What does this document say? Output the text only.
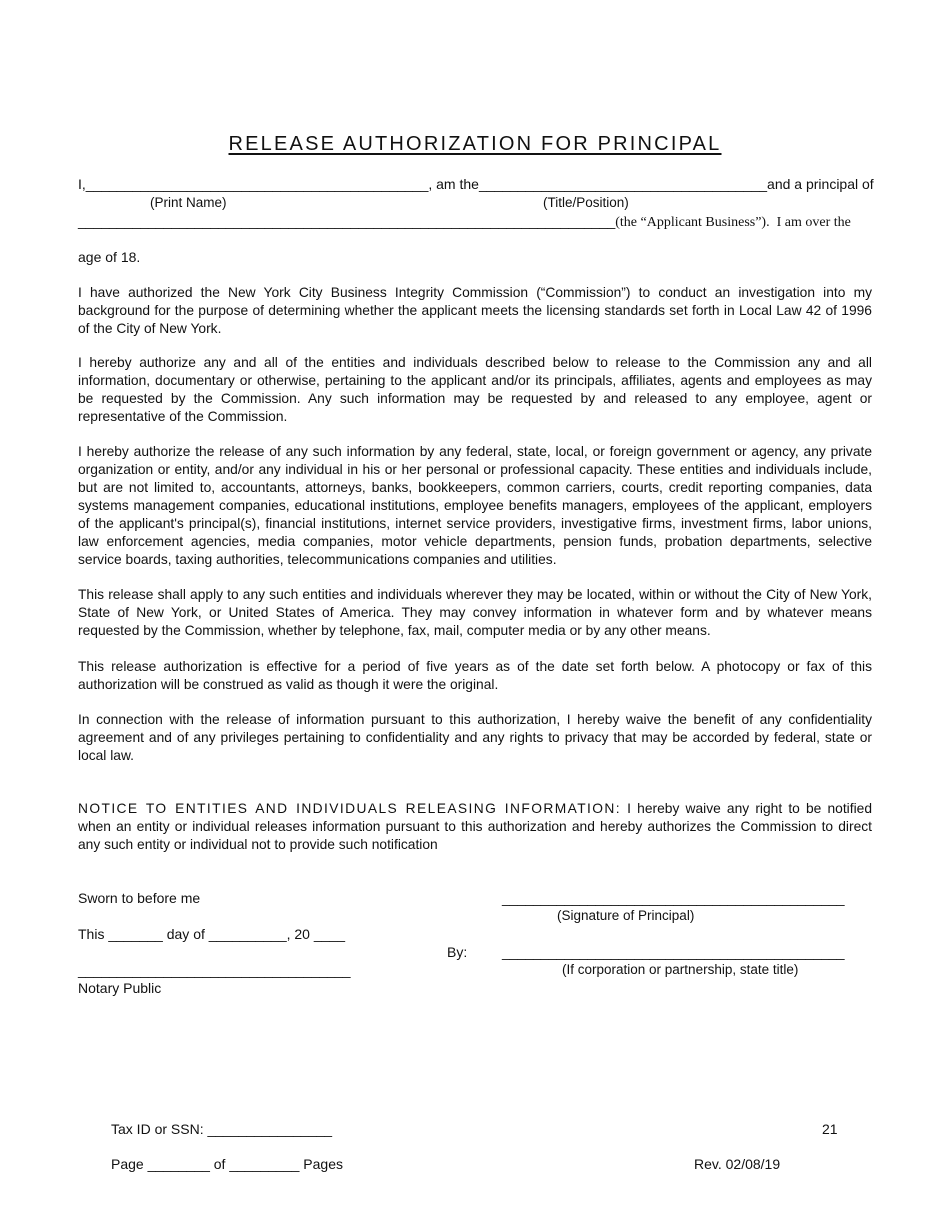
RELEASE AUTHORIZATION FOR PRINCIPAL
I,____________________________________________, am the_____________________________________and a principal of
(Print Name)	(Title/Position)
_____________________________________________________________________(the “Applicant Business”).  I am over the
age of 18.
I have authorized the New York City Business Integrity Commission (“Commission”) to conduct an investigation into my background for the purpose of determining whether the applicant meets the licensing standards set forth in Local Law 42 of 1996 of the City of New York.
I hereby authorize any and all of the entities and individuals described below to release to the Commission any and all information, documentary or otherwise, pertaining to the applicant and/or its principals, affiliates, agents and employees as may be requested by the Commission. Any such information may be requested by and released to any employee, agent or representative of the Commission.
I hereby authorize the release of any such information by any federal, state, local, or foreign government or agency, any private organization or entity, and/or any individual in his or her personal or professional capacity. These entities and individuals include, but are not limited to, accountants, attorneys, banks, bookkeepers, common carriers, courts, credit reporting companies, data systems management companies, educational institutions, employee benefits managers, employees of the applicant, employers of the applicant's principal(s), financial institutions, internet service providers, investigative firms, investment firms, labor unions, law enforcement agencies, media companies, motor vehicle departments, pension funds, probation departments, selective service boards, taxing authorities, telecommunications companies and utilities.
This release shall apply to any such entities and individuals wherever they may be located, within or without the City of New York, State of New York, or United States of America. They may convey information in whatever form and by whatever means requested by the Commission, whether by telephone, fax, mail, computer media or by any other means.
This release authorization is effective for a period of five years as of the date set forth below. A photocopy or fax of this authorization will be construed as valid as though it were the original.
In connection with the release of information pursuant to this authorization, I hereby waive the benefit of any confidentiality agreement and of any privileges pertaining to confidentiality and any rights to privacy that may be accorded by federal, state or local law.
NOTICE TO ENTITIES AND INDIVIDUALS RELEASING INFORMATION: I hereby waive any right to be notified when an entity or individual releases information pursuant to this authorization and hereby authorizes the Commission to direct any such entity or individual not to provide such notification
Sworn to before me
This _______ day of __________, 20 ____
___________________________________
Notary Public
____________________________________________
(Signature of Principal)
By: ____________________________________________
(If corporation or partnership, state title)
Tax ID or SSN: ________________	21
Page ________ of _________ Pages	Rev. 02/08/19
